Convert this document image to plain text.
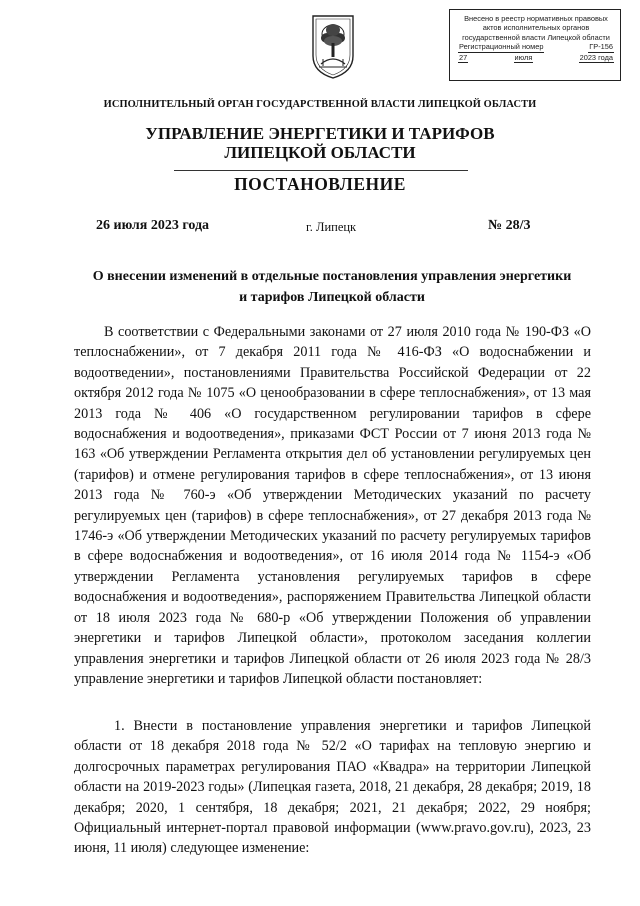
Внесено в реестр нормативных правовых
актов исполнительных органов
государственной власти Липецкой области
Регистрационный номер	ГР-156
27	июля	2023 года
ИСПОЛНИТЕЛЬНЫЙ ОРГАН ГОСУДАРСТВЕННОЙ ВЛАСТИ ЛИПЕЦКОЙ ОБЛАСТИ
УПРАВЛЕНИЕ ЭНЕРГЕТИКИ И ТАРИФОВ
ЛИПЕЦКОЙ ОБЛАСТИ
ПОСТАНОВЛЕНИЕ
26 июля 2023 года	г. Липецк	№ 28/3
О внесении изменений в отдельные постановления управления энергетики
и тарифов Липецкой области

В соответствии с Федеральными законами от 27 июля 2010 года № 190-ФЗ «О теплоснабжении», от 7 декабря 2011 года № 416-ФЗ «О водоснабжении и водоотведении», постановлениями Правительства Российской Федерации от 22 октября 2012 года № 1075 «О ценообразовании в сфере теплоснабжения», от 13 мая 2013 года № 406 «О государственном регулировании тарифов в сфере водоснабжения и водоотведения», приказами ФСТ России от 7 июня 2013 года № 163 «Об утверждении Регламента открытия дел об установлении регулируемых цен (тарифов) и отмене регулирования тарифов в сфере теплоснабжения», от 13 июня 2013 года № 760-э «Об утверждении Методических указаний по расчету регулируемых цен (тарифов) в сфере теплоснабжения», от 27 декабря 2013 года № 1746-э «Об утверждении Методических указаний по расчету регулируемых тарифов в сфере водоснабжения и водоотведения», от 16 июля 2014 года № 1154-э «Об утверждении Регламента установления регулируемых тарифов в сфере водоснабжения и водоотведения», распоряжением Правительства Липецкой области от 18 июля 2023 года № 680-р «Об утверждении Положения об управлении энергетики и тарифов Липецкой области», протоколом заседания коллегии управления энергетики и тарифов Липецкой области от 26 июля 2023 года № 28/3 управление энергетики и тарифов Липецкой области постановляет:

1. Внести в постановление управления энергетики и тарифов Липецкой области от 18 декабря 2018 года № 52/2 «О тарифах на тепловую энергию и долгосрочных параметрах регулирования ПАО «Квадра» на территории Липецкой области на 2019-2023 годы» (Липецкая газета, 2018, 21 декабря, 28 декабря; 2019, 18 декабря; 2020, 1 сентября, 18 декабря; 2021, 21 декабря; 2022, 29 ноября; Официальный интернет-портал правовой информации (www.pravo.gov.ru), 2023, 23 июня, 11 июля) следующее изменение:
